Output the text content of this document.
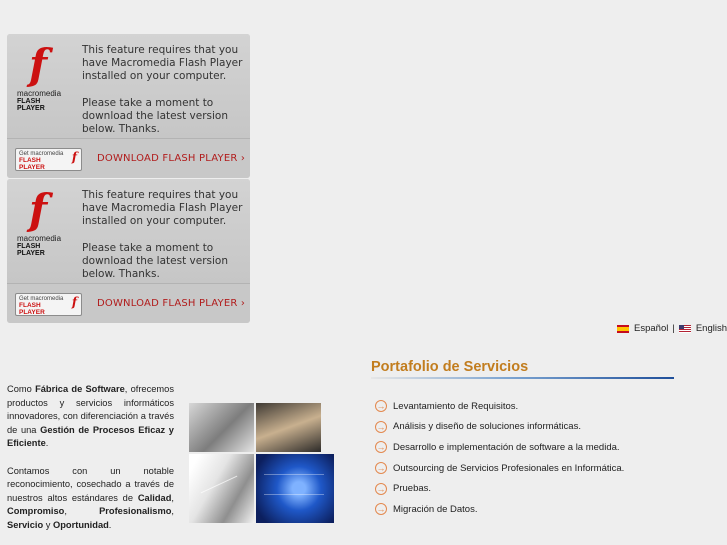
f
macromedia
FLASH PLAYER

This feature requires that you have Macromedia Flash Player installed on your computer.

Please take a moment to download the latest version below. Thanks.

Get macromedia
FLASH PLAYER
f DOWNLOAD FLASH PLAYER ›
f
macromedia
FLASH PLAYER

This feature requires that you have Macromedia Flash Player installed on your computer.

Please take a moment to download the latest version below. Thanks.

Get macromedia
FLASH PLAYER
f DOWNLOAD FLASH PLAYER ›
Español | English

Como Fábrica de Software, ofrecemos productos y servicios informáticos innovadores, con diferenciación a través de una Gestión de Procesos Eficaz y Eficiente.

Contamos con un notable reconocimiento, cosechado a través de nuestros altos estándares de Calidad, Compromiso, Profesionalismo, Servicio y Oportunidad.

Portafolio de Servicios
→ Levantamiento de Requisitos.
→ Análisis y diseño de soluciones informáticas.
→ Desarrollo e implementación de software a la medida.
→ Outsourcing de Servicios Profesionales en Informática.
→ Pruebas.
→ Migración de Datos.
